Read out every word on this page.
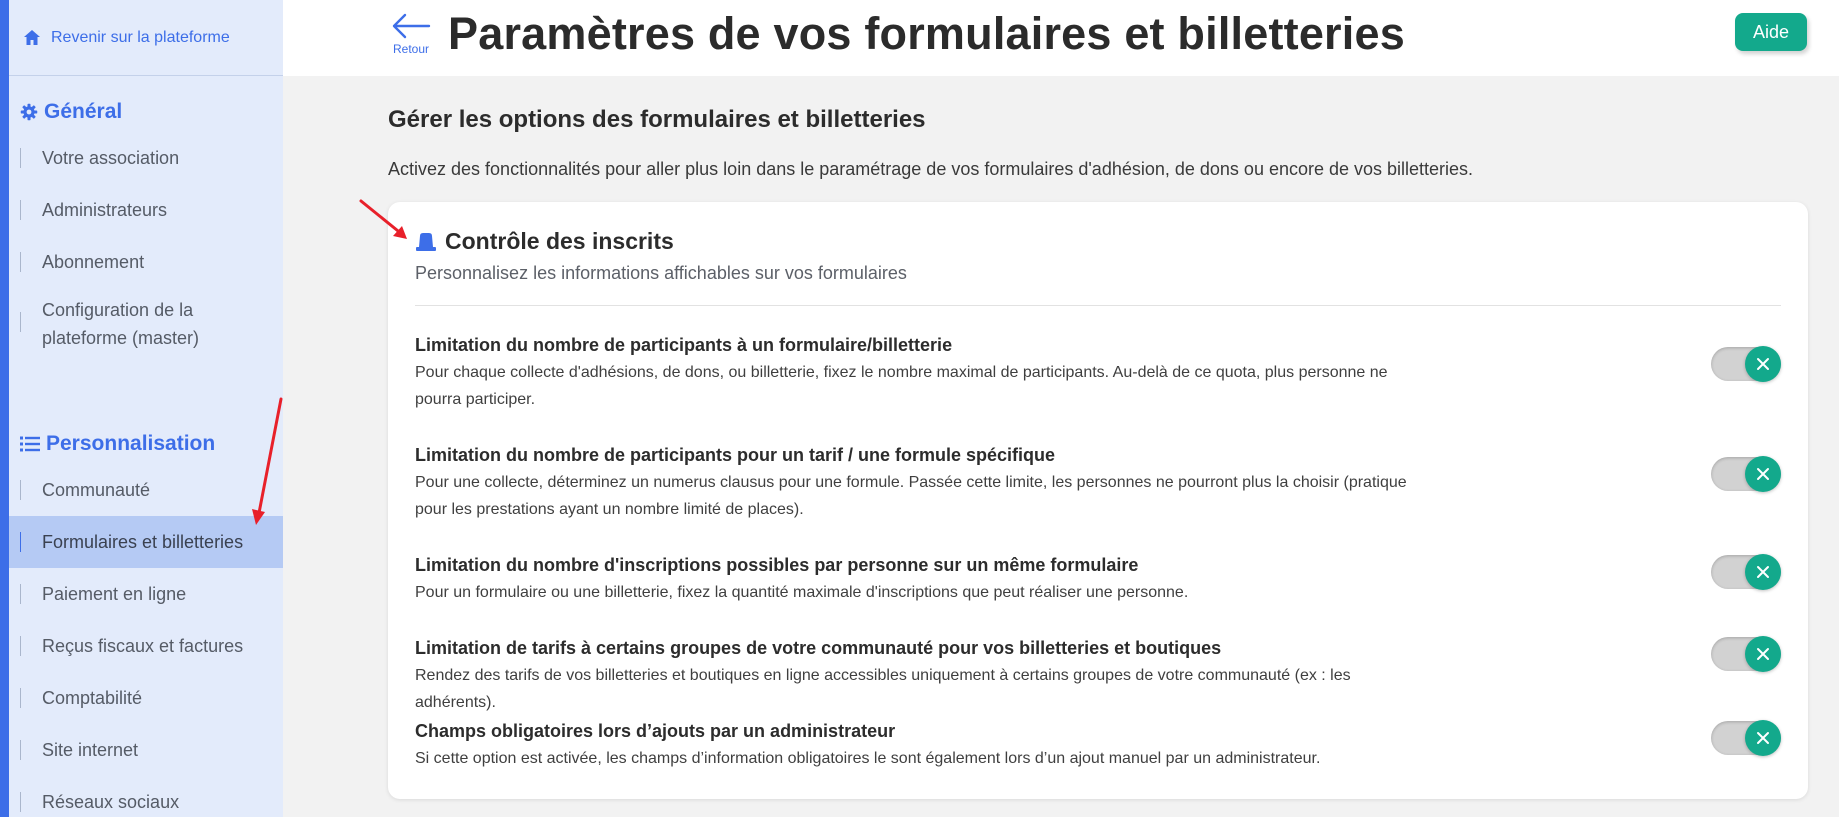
Revenir sur la plateforme
Général
Votre association
Administrateurs
Abonnement
Configuration de la plateforme (master)
Personnalisation
Communauté
Formulaires et billetteries
Paiement en ligne
Reçus fiscaux et factures
Comptabilité
Site internet
Réseaux sociaux
Retour Paramètres de vos formulaires et billetteries	Aide
Gérer les options des formulaires et billetteries

Activez des fonctionnalités pour aller plus loin dans le paramétrage de vos formulaires d'adhésion, de dons ou encore de vos billetteries.

Contrôle des inscrits
Personnalisez les informations affichables sur vos formulaires
Limitation du nombre de participants à un formulaire/billetterie
Pour chaque collecte d'adhésions, de dons, ou billetterie, fixez le nombre maximal de participants. Au-delà de ce quota, plus personne ne pourra participer.
Limitation du nombre de participants pour un tarif / une formule spécifique
Pour une collecte, déterminez un numerus clausus pour une formule. Passée cette limite, les personnes ne pourront plus la choisir (pratique pour les prestations ayant un nombre limité de places).
Limitation du nombre d'inscriptions possibles par personne sur un même formulaire
Pour un formulaire ou une billetterie, fixez la quantité maximale d'inscriptions que peut réaliser une personne.
Limitation de tarifs à certains groupes de votre communauté pour vos billetteries et boutiques
Rendez des tarifs de vos billetteries et boutiques en ligne accessibles uniquement à certains groupes de votre communauté (ex : les adhérents).
Champs obligatoires lors d’ajouts par un administrateur
Si cette option est activée, les champs d’information obligatoires le sont également lors d’un ajout manuel par un administrateur.
